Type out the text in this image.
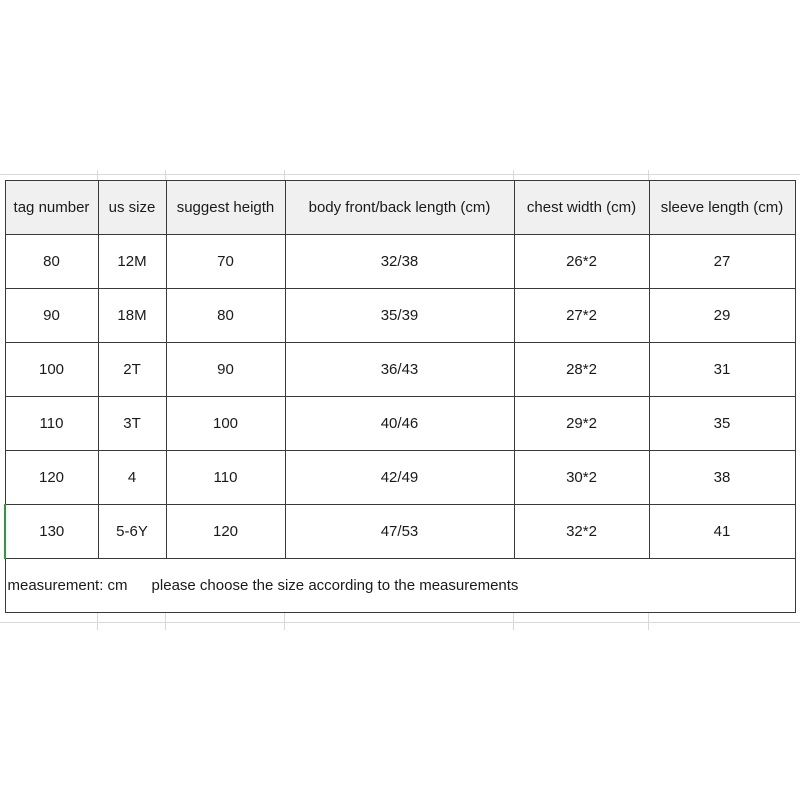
tag number	us size	suggest heigth	body front/back length (cm)	chest width (cm)	sleeve length (cm)
80	12M	70	32/38	26*2	27
90	18M	80	35/39	27*2	29
100	2T	90	36/43	28*2	31
110	3T	100	40/46	29*2	35
120	4	110	42/49	30*2	38
130	5-6Y	120	47/53	32*2	41
measurement: cm please choose the size according to the measurements					
